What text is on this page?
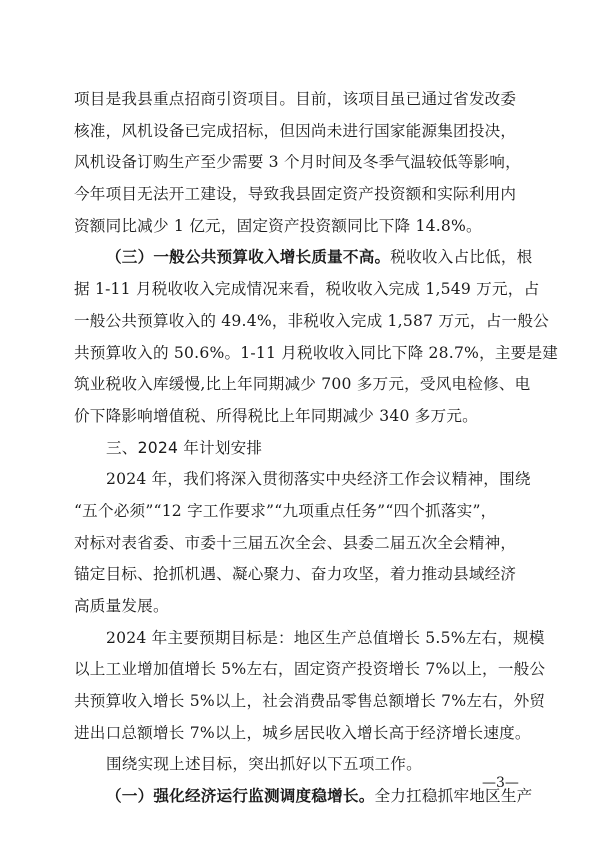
项目是我县重点招商引资项目。目前，该项目虽已通过省发改委
核准，风机设备已完成招标，但因尚未进行国家能源集团投决，
风机设备订购生产至少需要 3 个月时间及冬季气温较低等影响，
今年项目无法开工建设，导致我县固定资产投资额和实际利用内
资额同比减少 1 亿元，固定资产投资额同比下降 14.8%。
（三）一般公共预算收入增长质量不高。税收收入占比低，根
据 1-11 月税收收入完成情况来看，税收收入完成 1,549 万元，占
一般公共预算收入的 49.4%，非税收入完成 1,587 万元，占一般公
共预算收入的 50.6%。1-11 月税收收入同比下降 28.7%，主要是建
筑业税收入库缓慢,比上年同期减少 700 多万元，受风电检修、电
价下降影响增值税、所得税比上年同期减少 340 多万元。
三、2024 年计划安排
2024 年，我们将深入贯彻落实中央经济工作会议精神，围绕
“五个必须”“12 字工作要求”“九项重点任务”“四个抓落实”，
对标对表省委、市委十三届五次全会、县委二届五次全会精神，
锚定目标、抢抓机遇、凝心聚力、奋力攻坚，着力推动县域经济
高质量发展。
2024 年主要预期目标是：地区生产总值增长 5.5%左右，规模
以上工业增加值增长 5%左右，固定资产投资增长 7%以上，一般公
共预算收入增长 5%以上，社会消费品零售总额增长 7%左右，外贸
进出口总额增长 7%以上，城乡居民收入增长高于经济增长速度。
围绕实现上述目标，突出抓好以下五项工作。
（一）强化经济运行监测调度稳增长。全力扛稳抓牢地区生产
—3—
